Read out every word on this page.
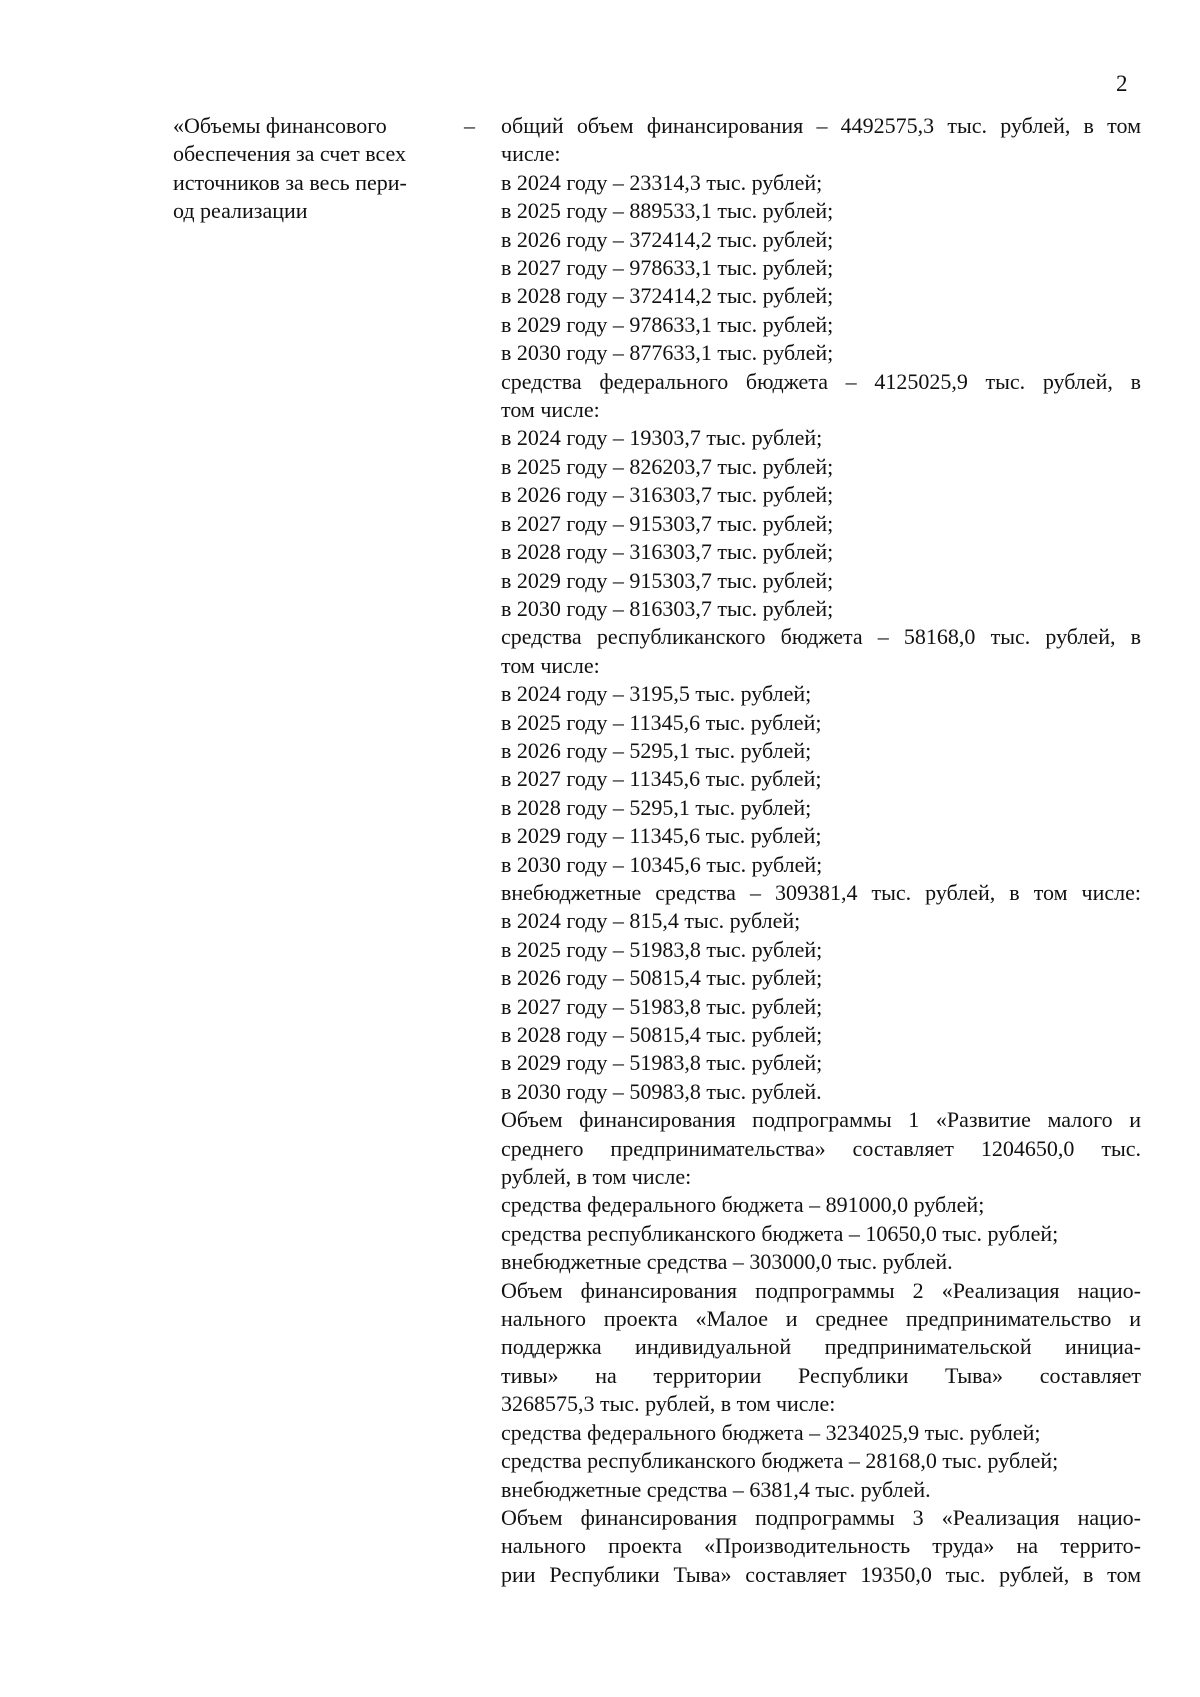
2
«Объемы финансового
обеспечения за счет всех
источников за весь пери-
од реализации
– общий объем финансирования – 4492575,3 тыс. рублей, в том
числе:
в 2024 году – 23314,3 тыс. рублей;
в 2025 году – 889533,1 тыс. рублей;
в 2026 году – 372414,2 тыс. рублей;
в 2027 году – 978633,1 тыс. рублей;
в 2028 году – 372414,2 тыс. рублей;
в 2029 году – 978633,1 тыс. рублей;
в 2030 году – 877633,1 тыс. рублей;
средства федерального бюджета – 4125025,9 тыс. рублей, в
том числе:
в 2024 году – 19303,7 тыс. рублей;
в 2025 году – 826203,7 тыс. рублей;
в 2026 году – 316303,7 тыс. рублей;
в 2027 году – 915303,7 тыс. рублей;
в 2028 году – 316303,7 тыс. рублей;
в 2029 году – 915303,7 тыс. рублей;
в 2030 году – 816303,7 тыс. рублей;
средства республиканского бюджета – 58168,0 тыс. рублей, в
том числе:
в 2024 году – 3195,5 тыс. рублей;
в 2025 году – 11345,6 тыс. рублей;
в 2026 году – 5295,1 тыс. рублей;
в 2027 году – 11345,6 тыс. рублей;
в 2028 году – 5295,1 тыс. рублей;
в 2029 году – 11345,6 тыс. рублей;
в 2030 году – 10345,6 тыс. рублей;
внебюджетные средства – 309381,4 тыс. рублей, в том числе:
в 2024 году – 815,4 тыс. рублей;
в 2025 году – 51983,8 тыс. рублей;
в 2026 году – 50815,4 тыс. рублей;
в 2027 году – 51983,8 тыс. рублей;
в 2028 году – 50815,4 тыс. рублей;
в 2029 году – 51983,8 тыс. рублей;
в 2030 году – 50983,8 тыс. рублей.
Объем финансирования подпрограммы 1 «Развитие малого и
среднего предпринимательства» составляет 1204650,0 тыс.
рублей, в том числе:
средства федерального бюджета – 891000,0 рублей;
средства республиканского бюджета – 10650,0 тыс. рублей;
внебюджетные средства – 303000,0 тыс. рублей.
Объем финансирования подпрограммы 2 «Реализация нацио-
нального проекта «Малое и среднее предпринимательство и
поддержка индивидуальной предпринимательской инициа-
тивы» на территории Республики Тыва» составляет
3268575,3 тыс. рублей, в том числе:
средства федерального бюджета – 3234025,9 тыс. рублей;
средства республиканского бюджета – 28168,0 тыс. рублей;
внебюджетные средства – 6381,4 тыс. рублей.
Объем финансирования подпрограммы 3 «Реализация нацио-
нального проекта «Производительность труда» на террито-
рии Республики Тыва» составляет 19350,0 тыс. рублей, в том
